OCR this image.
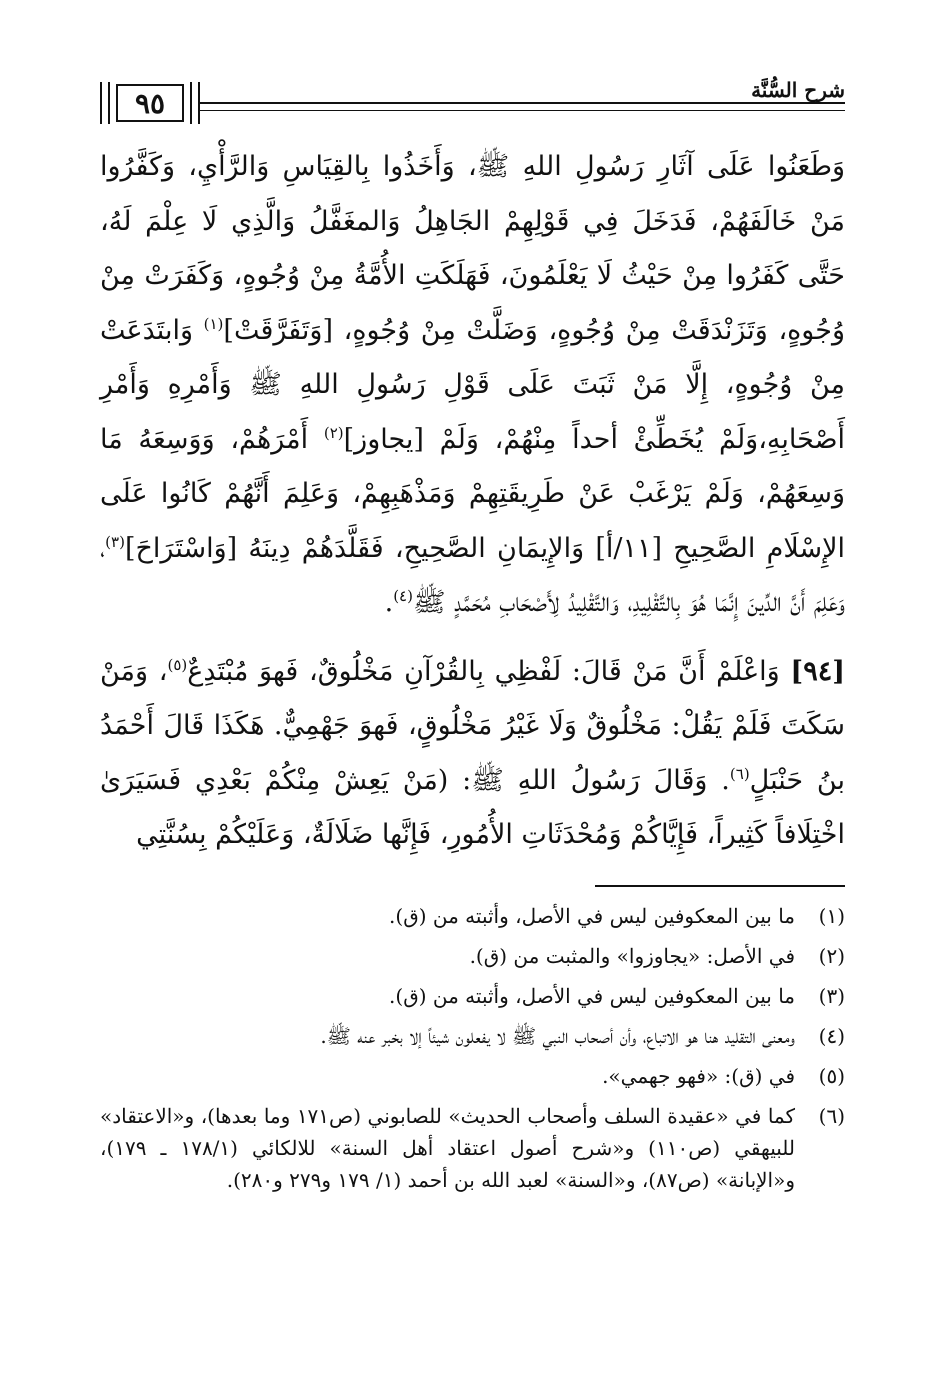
٩٥	شرح السُّنَّة

وَطَعَنُوا عَلَى آثَارِ رَسُولِ اللهِ ﷺ، وَأَخَذُوا بِالقِيَاسِ وَالرَّأْيِ، وَكَفَّرُوا مَنْ خَالَفَهُمْ، فَدَخَلَ فِي قَوْلِهِمْ الجَاهِلُ وَالمغَفَّلُ وَالَّذِي لَا عِلْمَ لَهُ، حَتَّى كَفَرُوا مِنْ حَيْثُ لَا يَعْلَمُونَ، فَهَلَكَتِ الأُمَّةُ مِنْ وُجُوهٍ، وَكَفَرَتْ مِنْ وُجُوهٍ، وَتَزَنْدَقَتْ مِنْ وُجُوهٍ، وَضَلَّتْ مِنْ وُجُوهٍ، [وَتَفَرَّقَتْ]$^{(١)}$ وَابتَدَعَتْ مِنْ وُجُوهٍ، إِلَّا مَنْ ثَبَتَ عَلَى قَوْلِ رَسُولِ اللهِ ﷺ وَأَمْرِهِ وَأَمْرِ أَصْحَابِهِ،وَلَمْ يُخَطِّئْ أحداً مِنْهُمْ، وَلَمْ [يجاوز]$^{(٢)}$ أَمْرَهُمْ، وَوَسِعَهُ مَا وَسِعَهُمْ، وَلَمْ يَرْغَبْ عَنْ طَرِيقَتِهِمْ وَمَذْهَبِهِمْ، وَعَلِمَ أَنَّهُمْ كَانُوا عَلَى الإِسْلَامِ الصَّحِيحِ [١١/أ] وَالإِيمَانِ الصَّحِيحِ، فَقَلَّدَهُمْ دِينَهُ [وَاسْتَرَاحَ]$^{(٣)}$، وَعَلِمَ أَنَّ الدِّينَ إِنَّمَا هُوَ بِالتَّقْلِيدِ، وَالتَّقْلِيدُ لِأَصْحَابِ مُحَمَّدٍ ﷺ$^{(٤)}$.

[٩٤] وَاعْلَمْ أَنَّ مَنْ قَالَ: لَفْظِي بِالقُرْآنِ مَخْلُوقٌ، فَهوَ مُبْتَدِعٌ$^{(٥)}$، وَمَنْ سَكَتَ فَلَمْ يَقُلْ: مَخْلُوقٌ وَلَا غَيْرُ مَخْلُوقٍ، فَهوَ جَهْمِيٌّ. هَكَذَا قَالَ أَحْمَدُ بنُ حَنْبَلٍ$^{(٦)}$. وَقَالَ رَسُولُ اللهِ ﷺ: (مَنْ يَعِشْ مِنْكُمْ بَعْدِي فَسَيَرَىٰ اخْتِلَافاً كَثِيراً، فَإِيَّاكُمْ وَمُحْدَثَاتِ الأُمُورِ، فَإِنَّها ضَلَالَةٌ، وَعَلَيْكُمْ بِسُنَّتِي

(١)
ما بين المعكوفين ليس في الأصل، وأثبته من (ق).
(٢)
في الأصل: «يجاوزوا» والمثبت من (ق).
(٣)
ما بين المعكوفين ليس في الأصل، وأثبته من (ق).
(٤)
ومعنى التقليد هنا هو الاتباع، وأن أصحاب النبي ﷺ لا يفعلون شيئاً إلا بخبر عنه ﷺ.
(٥)
في (ق): «فهو جهمي».
(٦)
كما في «عقيدة السلف وأصحاب الحديث» للصابوني (ص١٧١ وما بعدها)، و«الاعتقاد» للبيهقي (ص١١٠) و«شرح أصول اعتقاد أهل السنة» للالكائي (١٧٨/١ ـ ١٧٩)، و«الإبانة» (ص٨٧)، و«السنة» لعبد الله بن أحمد (١/ ١٧٩ و٢٧٩ و٢٨٠).
